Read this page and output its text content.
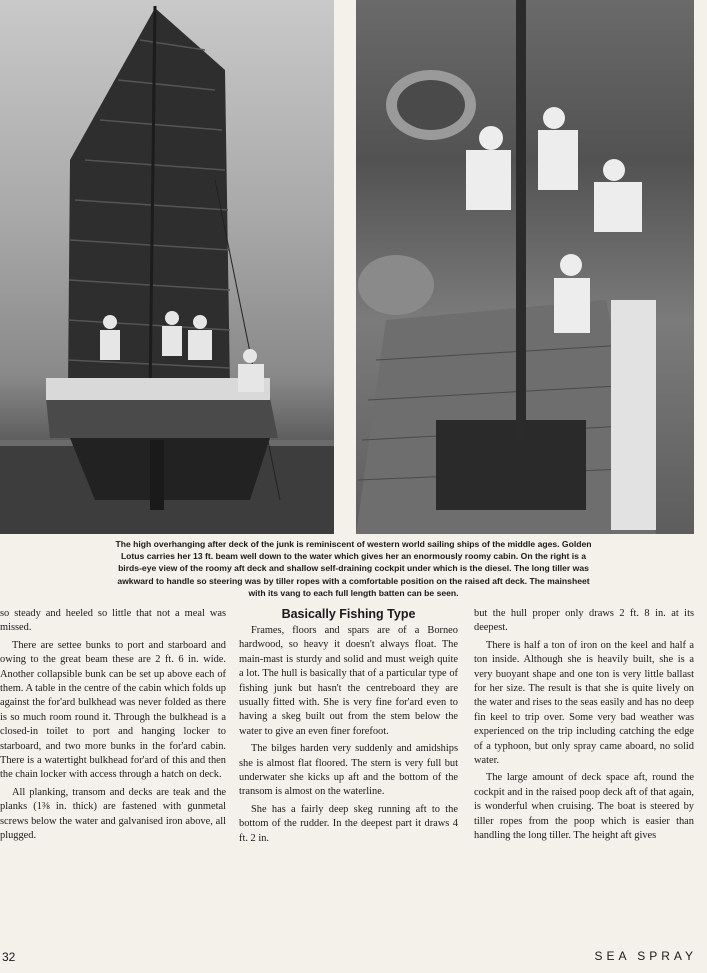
The high overhanging after deck of the junk is reminiscent of western world sailing ships of the middle ages. Golden

Lotus carries her 13 ft. beam well down to the water which gives her an enormously roomy cabin. On the right is a

birds-eye view of the roomy aft deck and shallow self-draining cockpit under which is the diesel. The long tiller was

awkward to handle so steering was by tiller ropes with a comfortable position on the raised aft deck. The mainsheet

with its vang to each full length batten can be seen.

so steady and heeled so little that not a meal was missed.

There are settee bunks to port and starboard and owing to the great beam these are 2 ft. 6 in. wide. Another collapsible bunk can be set up above each of them. A table in the centre of the cabin which folds up against the for'ard bulkhead was never folded as there is so much room round it. Through the bulkhead is a closed-in toilet to port and hanging locker to starboard, and two more bunks in the for'ard cabin. There is a watertight bulkhead for'ard of this and then the chain locker with access through a hatch on deck.

All planking, transom and decks are teak and the planks (1⅜ in. thick) are fastened with gunmetal screws below the water and galvanised iron above, all plugged.

Basically Fishing Type

Frames, floors and spars are of a Borneo hardwood, so heavy it doesn't always float. The main-mast is sturdy and solid and must weigh quite a lot. The hull is basically that of a particular type of fishing junk but hasn't the centreboard they are usually fitted with. She is very fine for'ard even to having a skeg built out from the stem below the water to give an even finer forefoot.

The bilges harden very suddenly and amidships she is almost flat floored. The stern is very full but underwater she kicks up aft and the bottom of the transom is almost on the waterline.

She has a fairly deep skeg running aft to the bottom of the rudder. In the deepest part it draws 4 ft. 2 in.

but the hull proper only draws 2 ft. 8 in. at its deepest.

There is half a ton of iron on the keel and half a ton inside. Although she is heavily built, she is a very buoyant shape and one ton is very little ballast for her size. The result is that she is quite lively on the water and rises to the seas easily and has no deep fin keel to trip over. Some very bad weather was experienced on the trip including catching the edge of a typhoon, but only spray came aboard, no solid water.

The large amount of deck space aft, round the cockpit and in the raised poop deck aft of that again, is wonderful when cruising. The boat is steered by tiller ropes from the poop which is easier than handling the long tiller. The height aft gives

32	SEA SPRAY
